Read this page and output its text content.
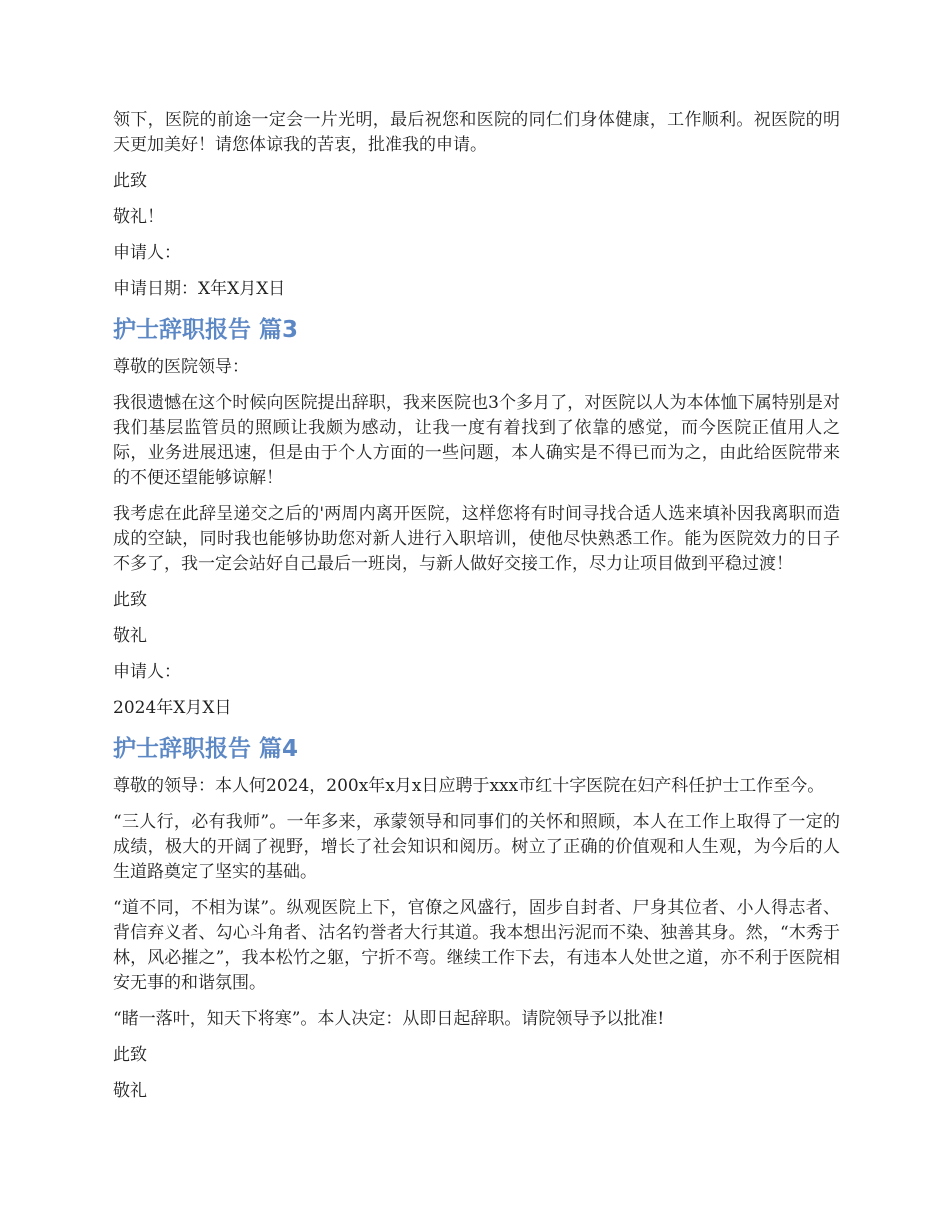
领下，医院的前途一定会一片光明，最后祝您和医院的同仁们身体健康，工作顺利。祝医院的明天更加美好！请您体谅我的苦衷，批准我的申请。

此致

敬礼！

申请人：

申请日期：X年X月X日

护士辞职报告 篇3

尊敬的医院领导：

我很遗憾在这个时候向医院提出辞职，我来医院也3个多月了，对医院以人为本体恤下属特别是对我们基层监管员的照顾让我颇为感动，让我一度有着找到了依靠的感觉，而今医院正值用人之际，业务进展迅速，但是由于个人方面的一些问题，本人确实是不得已而为之，由此给医院带来的不便还望能够谅解！

我考虑在此辞呈递交之后的'两周内离开医院，这样您将有时间寻找合适人选来填补因我离职而造成的空缺，同时我也能够协助您对新人进行入职培训，使他尽快熟悉工作。能为医院效力的日子不多了，我一定会站好自己最后一班岗，与新人做好交接工作，尽力让项目做到平稳过渡！

此致

敬礼

申请人：

2024年X月X日

护士辞职报告 篇4

尊敬的领导：本人何2024，200x年x月x日应聘于xxx市红十字医院在妇产科任护士工作至今。

“三人行，必有我师”。一年多来，承蒙领导和同事们的关怀和照顾，本人在工作上取得了一定的成绩，极大的开阔了视野，增长了社会知识和阅历。树立了正确的价值观和人生观，为今后的人生道路奠定了坚实的基础。

“道不同，不相为谋”。纵观医院上下，官僚之风盛行，固步自封者、尸身其位者、小人得志者、背信弃义者、勾心斗角者、沽名钓誉者大行其道。我本想出污泥而不染、独善其身。然，“木秀于林，风必摧之”，我本松竹之躯，宁折不弯。继续工作下去，有违本人处世之道，亦不利于医院相安无事的和谐氛围。

“睹一落叶，知天下将寒”。本人决定：从即日起辞职。请院领导予以批准!

此致

敬礼
